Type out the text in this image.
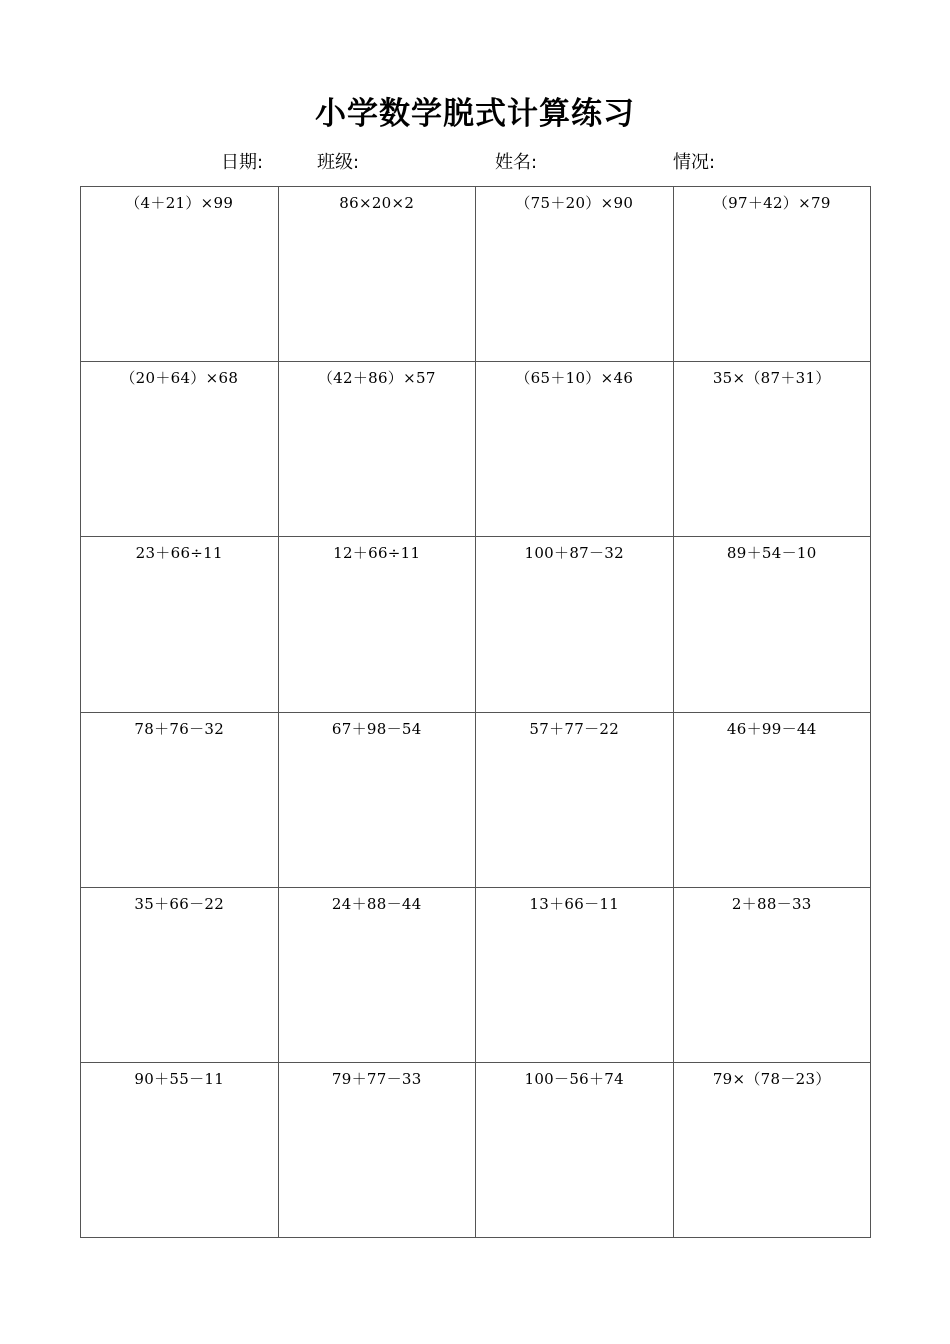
小学数学脱式计算练习
日期:	班级:	姓名:	情况:
（4＋21）×99	86×20×2	（75＋20）×90	（97＋42）×79
（20＋64）×68	（42＋86）×57	（65＋10）×46	35×（87＋31）
23＋66÷11	12＋66÷11	100＋87－32	89＋54－10
78＋76－32	67＋98－54	57＋77－22	46＋99－44
35＋66－22	24＋88－44	13＋66－11	2＋88－33
90＋55－11	79＋77－33	100－56＋74	79×（78－23）
